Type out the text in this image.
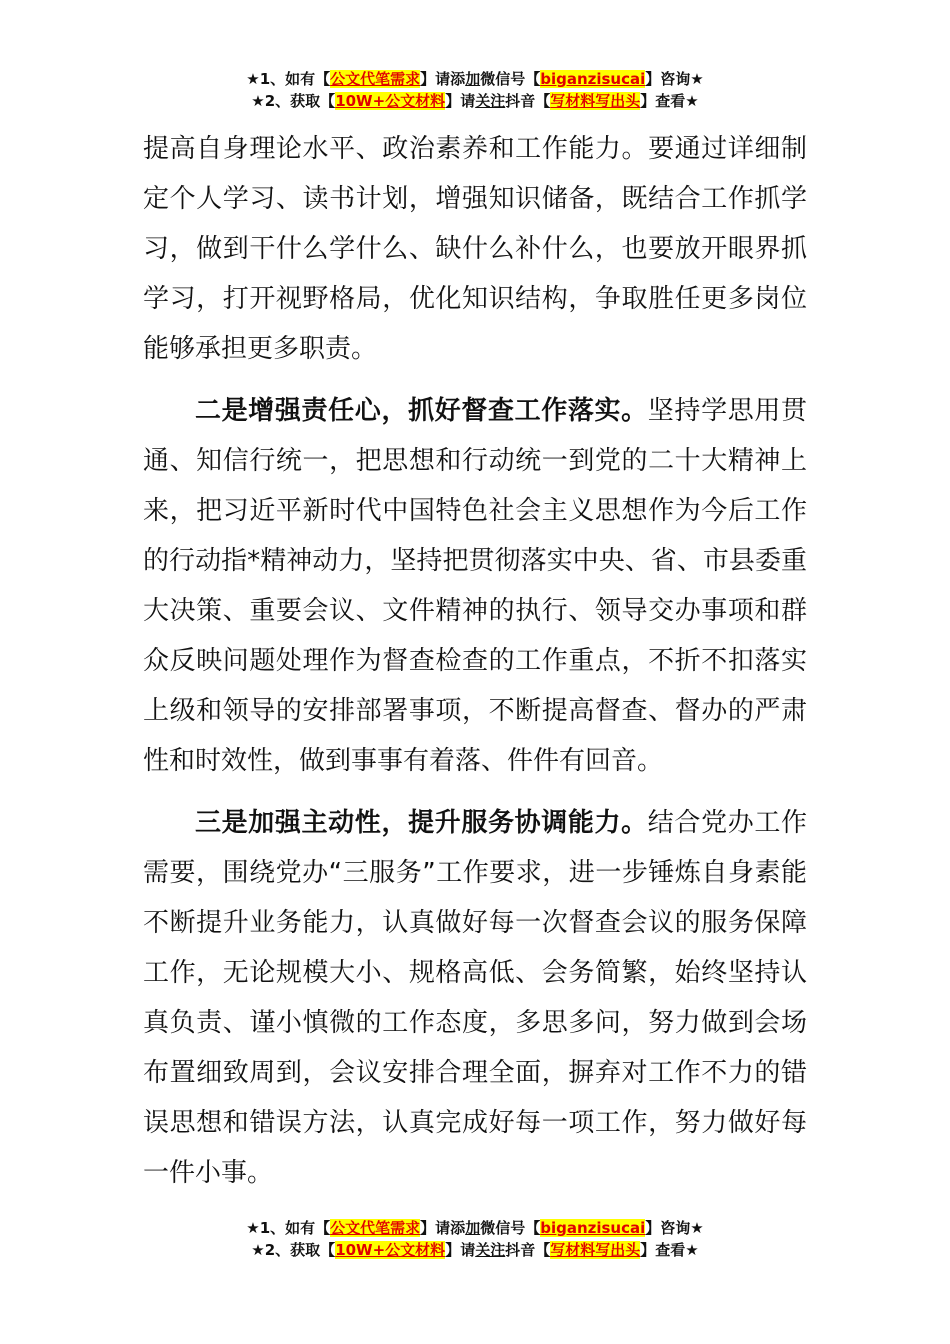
★1、如有【公文代笔需求】请添加微信号【biganzisucai】咨询★
★2、获取【10W+公文材料】请关注抖音【写材料写出头】查看★

提高自身理论水平、政治素养和工作能力。要通过详细制定个人学习、读书计划，增强知识储备，既结合工作抓学习，做到干什么学什么、缺什么补什么，也要放开眼界抓学习，打开视野格局，优化知识结构，争取胜任更多岗位能够承担更多职责。

二是增强责任心，抓好督查工作落实。坚持学思用贯通、知信行统一，把思想和行动统一到党的二十大精神上来，把习近平新时代中国特色社会主义思想作为今后工作的行动指*精神动力，坚持把贯彻落实中央、省、市县委重大决策、重要会议、文件精神的执行、领导交办事项和群众反映问题处理作为督查检查的工作重点，不折不扣落实上级和领导的安排部署事项，不断提高督查、督办的严肃性和时效性，做到事事有着落、件件有回音。

三是加强主动性，提升服务协调能力。结合党办工作需要，围绕党办“三服务”工作要求，进一步锤炼自身素能不断提升业务能力，认真做好每一次督查会议的服务保障工作，无论规模大小、规格高低、会务简繁，始终坚持认真负责、谨小慎微的工作态度，多思多问，努力做到会场布置细致周到，会议安排合理全面，摒弃对工作不力的错误思想和错误方法，认真完成好每一项工作，努力做好每一件小事。

★1、如有【公文代笔需求】请添加微信号【biganzisucai】咨询★
★2、获取【10W+公文材料】请关注抖音【写材料写出头】查看★
